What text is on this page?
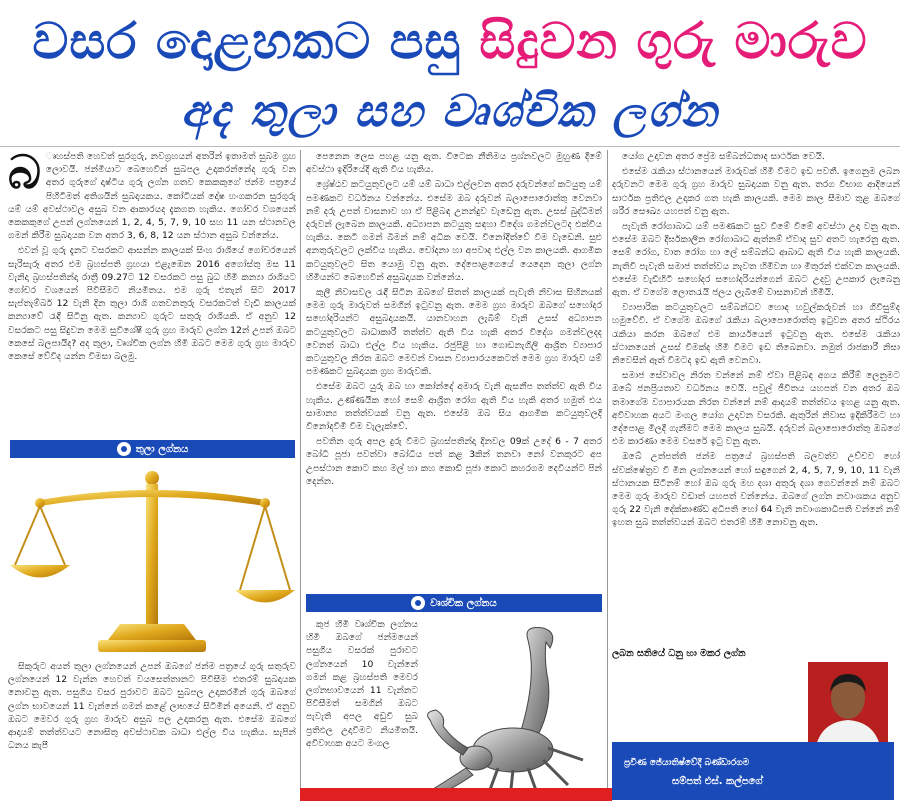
වසර දොළහකට පසු සිදුවන ගුරු මාරුව
අද තුලා සහ වෘශ්චික ලග්න

බ ෘහස්පති හෙවත් සුරගුරු, නවග්‍රහයන් අතරින් ඉතාමත් සුබම ග්‍රහ ලොවයි. ජන්මියාට බෙහෙවින් සුබපල උදාකරන්නේද ගුරු වන අතර ගුරුගේ දෘෂ්ටිය ගුරු ලග්න ගතව කෙකකුගේ ජන්ම පත්‍රයේ පිහිටීමත් අතිශයින් සුබදායකය. කෝටියක් දෝෂ හංගකරන සුරගුරු යම් යම් අවස්ථාවල අසුබ වන ආකාරයද දැකගත හැකිය. ගෝචර වශයෙන් කෙකකුගේ උපන් ලග්නයෙන් 1, 2, 4, 5, 7, 9, 10 සහ 11 යන ස්ථානවල ගමන් කිරීම සුබදායක වන අතර 3, 6, 8, 12 යන ස්ථාන අසුබ වන්නේය.

එවන් වූ ගුරු දැනට වසරකට ආසන්න කාලයක් සිංහ රාශියේ ගෝචරයෙන් සැරිසැරූ අතර එම බ්‍රහස්පති ග්‍රහයා එළැඹෙන 2016 අගෝස්තු මස 11 වැනිදා බ්‍රහස්පතින්දා රාත්‍රී 09.27ට 12 වසරකට පසු බුධ හිමි කන්‍යා රාශියට ගෝචර වශයෙන් පිවිසීමට නියමිතය. එම ගුරු එතැන් සිට 2017 සැප්තැම්බර් 12 වැනි දින තුලා රාශි ගතවනතුරු වසරකටත් වැඩි කාලයක් කන්‍යාවේ රැඳී සිටිනු ඇත. කන්‍යාව ගුරුට සතුරු රාශියකි. ඒ අනුව 12 වසරකට පසු සිදුවන මෙම සුවිශේෂී ගුරු ග්‍රහ මාරුව ලග්න 12න් උපන් ඔබට කෙසේ බලපායිද? අද තුලා, වෘශ්චික ලග්න හිමි ඔබට මෙම ගුරු ග්‍රහ මාරුව කෙසේ වේවිද යන්න විමසා බලමු.

තුලා ලග්නය

සිකුරුට අයත් තුලා ලග්නයෙන් උපන් ඔබගේ ජන්ම පත්‍රයේ ගුරු සතුරුව ලග්නයෙන් 12 වැන්න හෙවත් වයසෙත්තානට පිවිසීම එතරම් සුබදායක නොවනු ඇත. පසුගිය වසර පුරාවට ඔබට සුබපල උදාකරමින් ගුරු ඔබගේ ලග්න භාවයෙන් 11 වැන්නේ ගමන් කළේ ලාභයේ සිටිමින් අයෙනි. ඒ අනුව ඔබට මෙවර ගුරු ග්‍රහ මාරුව අසුබ පල උදාකරනු ඇත. එසේම ඔබගේ ආදායම් තත්ත්වයට නොසිතු අවස්ථාවක බාධා එල්ල විය හැකිය. සැපින් ධනය කැපී

පෙනෙන ලෙස පහළ යනු ඇත. විටෙක නීතිමය ප්‍රශ්නවලට මුහුණ දීමේ අවස්ථා ඉදිරියේදී ඇති විය හැකිය.

ශ්‍රේෂ්ඨව කටයුතුවලට යම් යම් බාධා එල්ලවන අතර දරුවන්ගේ කටයුතු යම් පමණකට වර්ධනය වන්නේය. එසේම ඔබ දරුවන් බලාපොරොත්තු වෙනවා නම් දරු උපත් වාසනාව හා ඒ පිළිබඳ උනන්දුව වැඩෙනු ඇත. උසස් බුද්ධිමත් දරුවන් ලැබෙන කාලයකි. අධ්‍යාපන කටයුතු සඳහා විදේශ ගමන්වලටද එක්විය හැකිය. කෙටි ගමන් බිමන් නම් අධික වෙයි. විනෝදීත්වේ වීම වැඩෙනි. සුළු අනතුරුවලට ලක්විය හැකිය. චෝදනා හා අපවාද එල්ල වන කාලයකි. ආගමික කටයුතුවලට සිත යොමු වනු ඇත. දේපොළගෙයේ යෙදෙන තුලා ලග්න හිමියන්ට බෙහෙවින් අසුබදායක වන්නේය.

කුලී නිවාසවල රැඳී සිටින ඔබගේ සිතත් කාලයක් පැවැති නිවාස සිහිනයක් මෙම ගුරු මාරුවත් සමගින් ඉටුවනු ඇත. මෙම ග්‍රහ මාරුව ඔබගේ සහෝදර සහෝදරියන්ට අසුබදායකයි. යානවාහන ලැබීම් වැනි උසස් අධ්‍යාපන කටයුතුවලට බාධාකාරී තත්ත්ව ඇති විය හැකි අතර විදේශ ගමන්වලදද වෙනත් බාධා එල්ල විය හැකිය. රජුපිළි හා ගොඩනැගිලි ආශ්‍රිත ව්‍යාපාර කටයුතුවල නිරත ඔබට මෙවන් වාසන ව්‍යාපාරයකෙටත් මෙම ග්‍රහ මාරුව යම් පමණකට සුබදායක ග්‍රහ මාරුවකි.

එසේම ඔබට යුරු ඔබ හා කෝන්දේ අමාරු වැනි ඇසනීප තත්ත්ව ඇති විය හැකිය. උණ්ණයික හෝ සෙම් ආශ්‍රිත රෝග ඇති විය හැකි අතර හමුත් එය සාමාන්‍ය තත්ත්වයක් වනු ඇත. එසේම ඔබ සිය ආගමික කටයුතුවලදී විනෝදවීමි වීම වැලැක්වේ.

පවතින ගුරු අපල දුරු වීමට බ්‍රහස්පතින්දා දිනවල 09ක් උදේ 6 - 7 අතර බෝධි පූජා පවත්වා බෝධීය පත් කළ 3කින් තනවා නෝ වනකුරට අප උපස්ථාන කොට කහ මල් හා කහ කොඩි පූජා කොට කහරගම දෙවියන්ට පින් දෙන්න.

වෘශ්චික ලග්නය

කුජ හිමි වෘශ්චික ලග්නය හිමි ඔබගේ ජන්මයෙන් පසුගිය වසරක් පුරාවට ලග්නයෙන් 10 වැන්නේ ගමන් කළ බ්‍රහස්පති මෙවර ලග්නභාවයෙන් 11 වැන්නට පිවිසීමත් සමගින් ඔබට පැවැති අපල අඩුවී සුබ ප්‍රතිඵල උදාවීමට නියමිතයි. අවිවාහක අයට මංගල

යෝග උදාවන අතර ප්‍රේම සම්බන්ධතාද සාර්ථක වෙයි.

එසේම රැකියා ස්ථානයෙන් මාරුවක් හිමි වීමට ඉඩ පවතී. ඉගෙනුම ලබන දරුවනට මෙම ගුරු ග්‍රහ මාරුව සුබදායක වනු ඇත. තරග විභාග ආදියෙන් සාර්ථක ප්‍රතිඵල උදාකර ගත හැකි කාලයකි. මෙම කාල සීමාව තුළ ඔබගේ ශරීර සෞඛ්‍ය යහපත් වනු ඇත.

පැවැති රෝගාබාධ යම් පමණකට සුව වීමේ වීමේ අවස්ථා උදා වනු ඇත. එසේම ඔබට දීර්ඝකාලීන රෝගාබාධ ඇත්නම් ඒවාද සුව අතට හැරෙනු ඇත. සෙම් රෝග, වාත රෝග හා ලේ සම්බන්ධ ආබාධ ඇති විය හැකි කාලයකි. නැතිවී පැවැති සමාජ තත්ත්වය නැවත හිමිවන හා මිතුරන් එක්වන කාලයකි. එසේම වැඩිහිටි සහෝදර සහෝදරියන්ගෙන් ඔබට උදවු උපකාර ලැබෙනු ඇත. ඒ වගේම ලොතරැයි ජලය ලැබීමේ වාසනාවන් හිමියි.

ව්‍යාපාරික කටයුතුවලට සම්බන්ධව හොඳ හවුල්කරුවන් හා ගිවිසුම්ද හමුවේවී. ඒ වගේම ඔබගේ රැකියා බලාපොරොත්තු ඉටුවන අතර ස්ථිරය රැකියා කරන ඔබගේ එම කාර්යයෙන් ඉටුවනු ඇත. එසේම රැකියා ස්ථානයෙන් උසස් වීමක්ද හිමි වීමට ඉඩ තිබෙනවා. නමුත් රාජකාරී නිසා නිවෙසින් ඈත් වීමටද ඉඩ ඇති වෙනවා.

සමාජ සේවාවල නිරත වන්නේ නම් ඒවා පිළිබඳ අගය කිරීම් ලෙනුමට ඔබේ ජනප්‍රියතාව වර්ධනය වෙයි. පවුල් ජීවිතය යහපත් වන අතර ඔබ තමාගේම ව්‍යාපාරයක නිරත වන්නේ නම් ආදායම් තත්ත්වය ඉහළ යනු ඇත. අවිවාහක අයට මංගල යෝග උදාවන වසරකි. ඇතුරින් නිවාස ඉදිකිරීමට හා දේපොළ මිලදී ගැනීමට මෙම කාලය සුබයි. දරුවන් බලාපොරොත්තු ඔබගේ එම කාරණා මෙම වසරේ ඉටු වනු ඇත.

ඔබේ උත්පත්ති ජන්ම පත්‍රයේ බ්‍රහස්පති බලවත්ව උච්චව හෝ ස්වක්ෂේත්‍රව වී මීන ලග්නයෙන් හෝ සඳුගෙන් 2, 4, 5, 7, 9, 10, 11 වැනි ස්ථානයක සිටීනම් හෝ ඔබ ගුරු මහ දශා අතුරු දශා ගෙවන්නේ නම් ඔබට මෙම ගුරු මාරුව වඩාත් යහපත් වන්නේය. ඔබගේ ලග්න නවාංශකය අනුව ගුරු 22 වැනි දේක්කාණ්ඩ අධිපති හෝ 64 වැනි නවාංශකාධිපති වන්නේ නම් ඉහත සුබ තත්ත්වයන් ඔබට එතරම් හිමි නොවනු ඇත.

ලබන සතියේ ධනු හා මකර ලග්න
ප්‍රවීණ ජෙ‍්‍යාතිෂ්වේදී බණ්ඩාරගම
සම්පත් එස්. කල්පගේ
